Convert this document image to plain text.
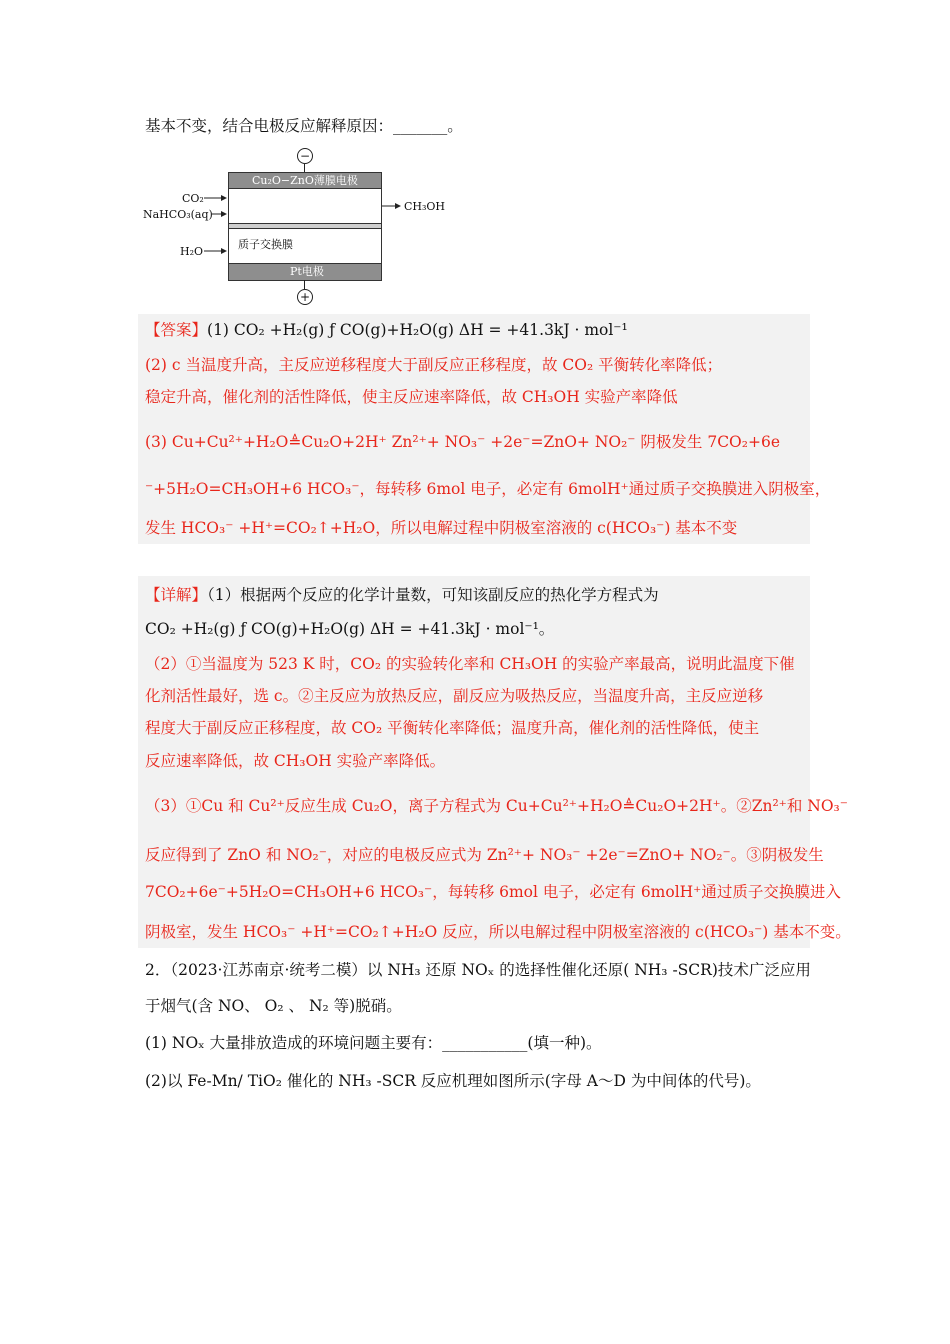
基本不变，结合电极反应解释原因：_______。
−
Cu₂O−ZnO薄膜电极
质子交换膜
Pt电极
+
CO₂
NaHCO₃(aq)
CH₃OH
H₂O
【答案】(1) CO₂ +H₂(g) ƒ CO(g)+H₂O(g) ΔH = +41.3kJ · mol⁻¹
(2) c 当温度升高，主反应逆移程度大于副反应正移程度，故 CO₂ 平衡转化率降低；
稳定升高，催化剂的活性降低，使主反应速率降低，故 CH₃OH 实验产率降低
(3) Cu+Cu²⁺+H₂O≜Cu₂O+2H⁺ Zn²⁺+ NO₃⁻ +2e⁻=ZnO+ NO₂⁻ 阴极发生 7CO₂+6e
⁻+5H₂O=CH₃OH+6 HCO₃⁻，每转移 6mol 电子，必定有 6molH⁺通过质子交换膜进入阴极室，
发生 HCO₃⁻ +H⁺=CO₂↑+H₂O，所以电解过程中阴极室溶液的 c(HCO₃⁻) 基本不变
【详解】（1）根据两个反应的化学计量数，可知该副反应的热化学方程式为
CO₂ +H₂(g) ƒ CO(g)+H₂O(g) ΔH = +41.3kJ · mol⁻¹。
（2）①当温度为 523 K 时，CO₂ 的实验转化率和 CH₃OH 的实验产率最高，说明此温度下催
化剂活性最好，选 c。②主反应为放热反应，副反应为吸热反应，当温度升高，主反应逆移
程度大于副反应正移程度，故 CO₂ 平衡转化率降低；温度升高，催化剂的活性降低，使主
反应速率降低，故 CH₃OH 实验产率降低。
（3）①Cu 和 Cu²⁺反应生成 Cu₂O，离子方程式为 Cu+Cu²⁺+H₂O≜Cu₂O+2H⁺。②Zn²⁺和 NO₃⁻
反应得到了 ZnO 和 NO₂⁻，对应的电极反应式为 Zn²⁺+ NO₃⁻ +2e⁻=ZnO+ NO₂⁻。③阴极发生
7CO₂+6e⁻+5H₂O=CH₃OH+6 HCO₃⁻，每转移 6mol 电子，必定有 6molH⁺通过质子交换膜进入
阴极室，发生 HCO₃⁻ +H⁺=CO₂↑+H₂O 反应，所以电解过程中阴极室溶液的 c(HCO₃⁻) 基本不变。
2．（2023·江苏南京·统考二模）以 NH₃ 还原 NOₓ 的选择性催化还原( NH₃ -SCR)技术广泛应用
于烟气(含 NO、 O₂ 、 N₂ 等)脱硝。
(1) NOₓ 大量排放造成的环境问题主要有：___________(填一种)。
(2)以 Fe-Mn/ TiO₂ 催化的 NH₃ -SCR 反应机理如图所示(字母 A～D 为中间体的代号)。
